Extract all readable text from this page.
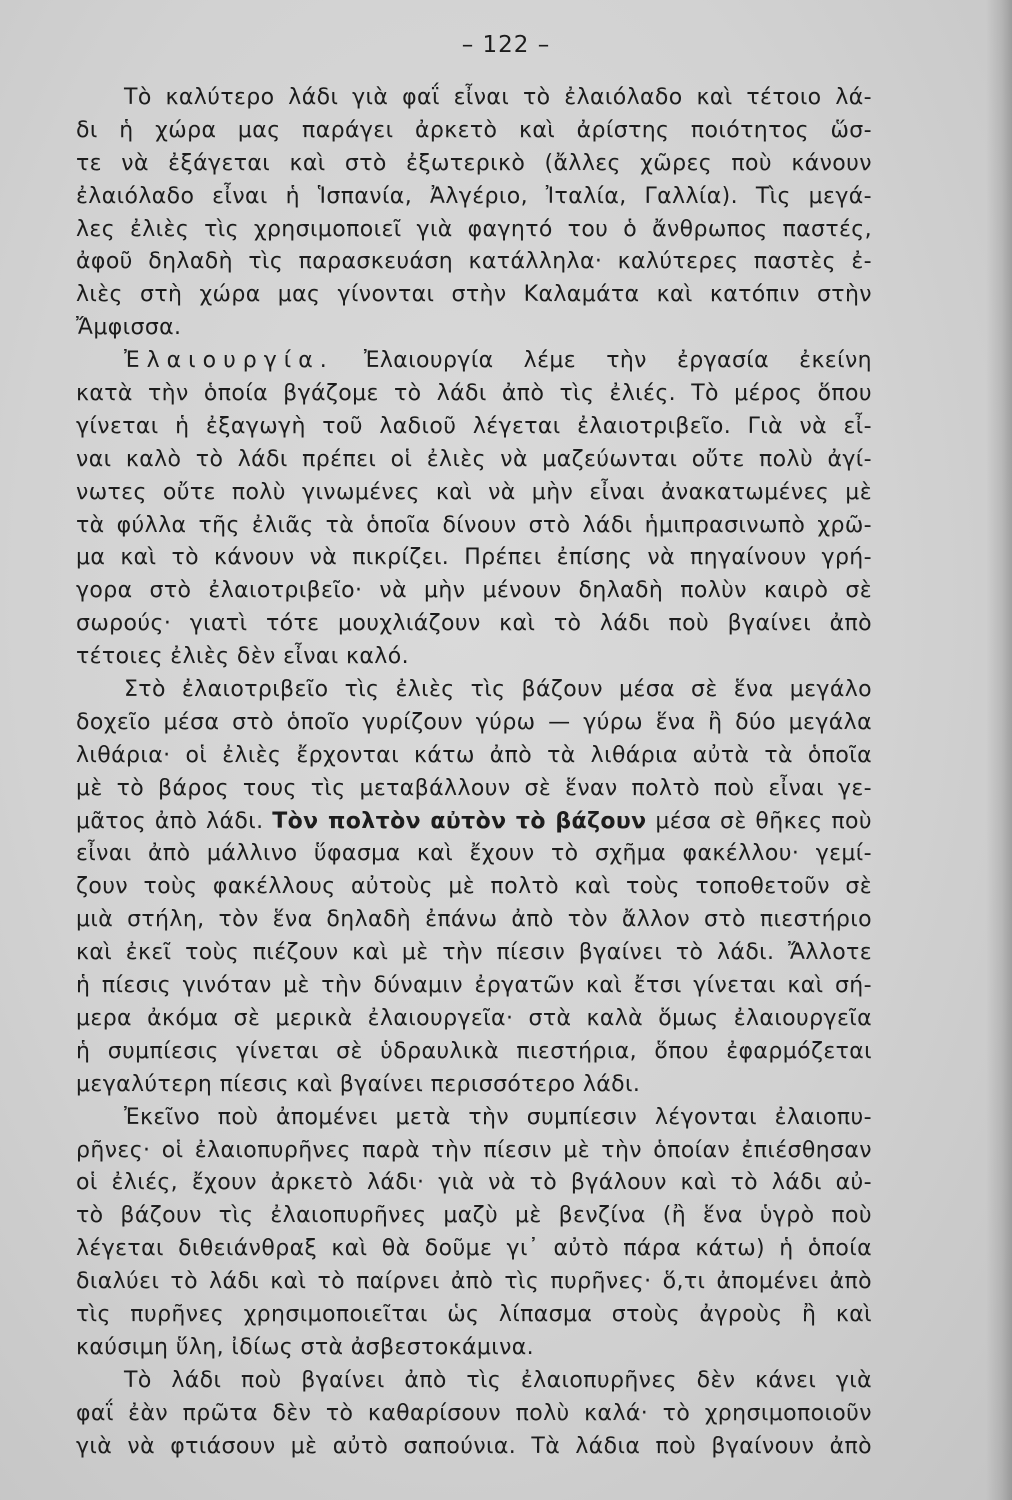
– 122 –
Τὸ καλύτερο λάδι γιὰ φαΐ εἶναι τὸ ἐλαιόλαδο καὶ τέτοιο λά-
δι ἡ χώρα μας παράγει ἀρκετὸ καὶ ἀρίστης ποιότητος ὥσ-
τε νὰ ἐξάγεται καὶ στὸ ἐξωτερικὸ (ἄλλες χῶρες ποὺ κάνουν
ἐλαιόλαδο εἶναι ἡ Ἱσπανία, Ἀλγέριο, Ἰταλία, Γαλλία). Τὶς μεγά-
λες ἐλιὲς τὶς χρησιμοποιεῖ γιὰ φαγητό του ὁ ἄνθρωπος παστές,
ἀφοῦ δηλαδὴ τὶς παρασκευάση κατάλληλα· καλύτερες παστὲς ἐ-
λιὲς στὴ χώρα μας γίνονται στὴν Καλαμάτα καὶ κατόπιν στὴν
Ἄμφισσα.
Ἐλαιουργία. Ἐλαιουργία λέμε τὴν ἐργασία ἐκείνη
κατὰ τὴν ὁποία βγάζομε τὸ λάδι ἀπὸ τὶς ἐλιές. Τὸ μέρος ὅπου
γίνεται ἡ ἐξαγωγὴ τοῦ λαδιοῦ λέγεται ἐλαιοτριβεῖο. Γιὰ νὰ εἶ-
ναι καλὸ τὸ λάδι πρέπει οἱ ἐλιὲς νὰ μαζεύωνται οὔτε πολὺ ἀγί-
νωτες οὔτε πολὺ γινωμένες καὶ νὰ μὴν εἶναι ἀνακατωμένες μὲ
τὰ φύλλα τῆς ἐλιᾶς τὰ ὁποῖα δίνουν στὸ λάδι ἡμιπρασινωπὸ χρῶ-
μα καὶ τὸ κάνουν νὰ πικρίζει. Πρέπει ἐπίσης νὰ πηγαίνουν γρή-
γορα στὸ ἐλαιοτριβεῖο· νὰ μὴν μένουν δηλαδὴ πολὺν καιρὸ σὲ
σωρούς· γιατὶ τότε μουχλιάζουν καὶ τὸ λάδι ποὺ βγαίνει ἀπὸ
τέτοιες ἐλιὲς δὲν εἶναι καλό.
Στὸ ἐλαιοτριβεῖο τὶς ἐλιὲς τὶς βάζουν μέσα σὲ ἕνα μεγάλο
δοχεῖο μέσα στὸ ὁποῖο γυρίζουν γύρω — γύρω ἕνα ἢ δύο μεγάλα
λιθάρια· οἱ ἐλιὲς ἔρχονται κάτω ἀπὸ τὰ λιθάρια αὐτὰ τὰ ὁποῖα
μὲ τὸ βάρος τους τὶς μεταβάλλουν σὲ ἕναν πολτὸ ποὺ εἶναι γε-
μᾶτος ἀπὸ λάδι. Τὸν πολτὸν αὐτὸν τὸ βάζουν μέσα σὲ θῆκες ποὺ
εἶναι ἀπὸ μάλλινο ὕφασμα καὶ ἔχουν τὸ σχῆμα φακέλλου· γεμί-
ζουν τοὺς φακέλλους αὐτοὺς μὲ πολτὸ καὶ τοὺς τοποθετοῦν σὲ
μιὰ στήλη, τὸν ἕνα δηλαδὴ ἐπάνω ἀπὸ τὸν ἄλλον στὸ πιεστήριο
καὶ ἐκεῖ τοὺς πιέζουν καὶ μὲ τὴν πίεσιν βγαίνει τὸ λάδι. Ἄλλοτε
ἡ πίεσις γινόταν μὲ τὴν δύναμιν ἐργατῶν καὶ ἔτσι γίνεται καὶ σή-
μερα ἀκόμα σὲ μερικὰ ἐλαιουργεῖα· στὰ καλὰ ὅμως ἐλαιουργεῖα
ἡ συμπίεσις γίνεται σὲ ὑδραυλικὰ πιεστήρια, ὅπου ἐφαρμόζεται
μεγαλύτερη πίεσις καὶ βγαίνει περισσότερο λάδι.
Ἐκεῖνο ποὺ ἀπομένει μετὰ τὴν συμπίεσιν λέγονται ἐλαιοπυ-
ρῆνες· οἱ ἐλαιοπυρῆνες παρὰ τὴν πίεσιν μὲ τὴν ὁποίαν ἐπιέσθησαν
οἱ ἐλιές, ἔχουν ἀρκετὸ λάδι· γιὰ νὰ τὸ βγάλουν καὶ τὸ λάδι αὐ-
τὸ βάζουν τὶς ἐλαιοπυρῆνες μαζὺ μὲ βενζίνα (ἢ ἕνα ὑγρὸ ποὺ
λέγεται διθειάνθραξ καὶ θὰ δοῦμε γι᾿ αὐτὸ πάρα κάτω) ἡ ὁποία
διαλύει τὸ λάδι καὶ τὸ παίρνει ἀπὸ τὶς πυρῆνες· ὅ,τι ἀπομένει ἀπὸ
τὶς πυρῆνες χρησιμοποιεῖται ὡς λίπασμα στοὺς ἀγροὺς ἢ καὶ
καύσιμη ὕλη, ἰδίως στὰ ἀσβεστοκάμινα.
Τὸ λάδι ποὺ βγαίνει ἀπὸ τὶς ἐλαιοπυρῆνες δὲν κάνει γιὰ
φαΐ ἐὰν πρῶτα δὲν τὸ καθαρίσουν πολὺ καλά· τὸ χρησιμοποιοῦν
γιὰ νὰ φτιάσουν μὲ αὐτὸ σαπούνια. Τὰ λάδια ποὺ βγαίνουν ἀπὸ
